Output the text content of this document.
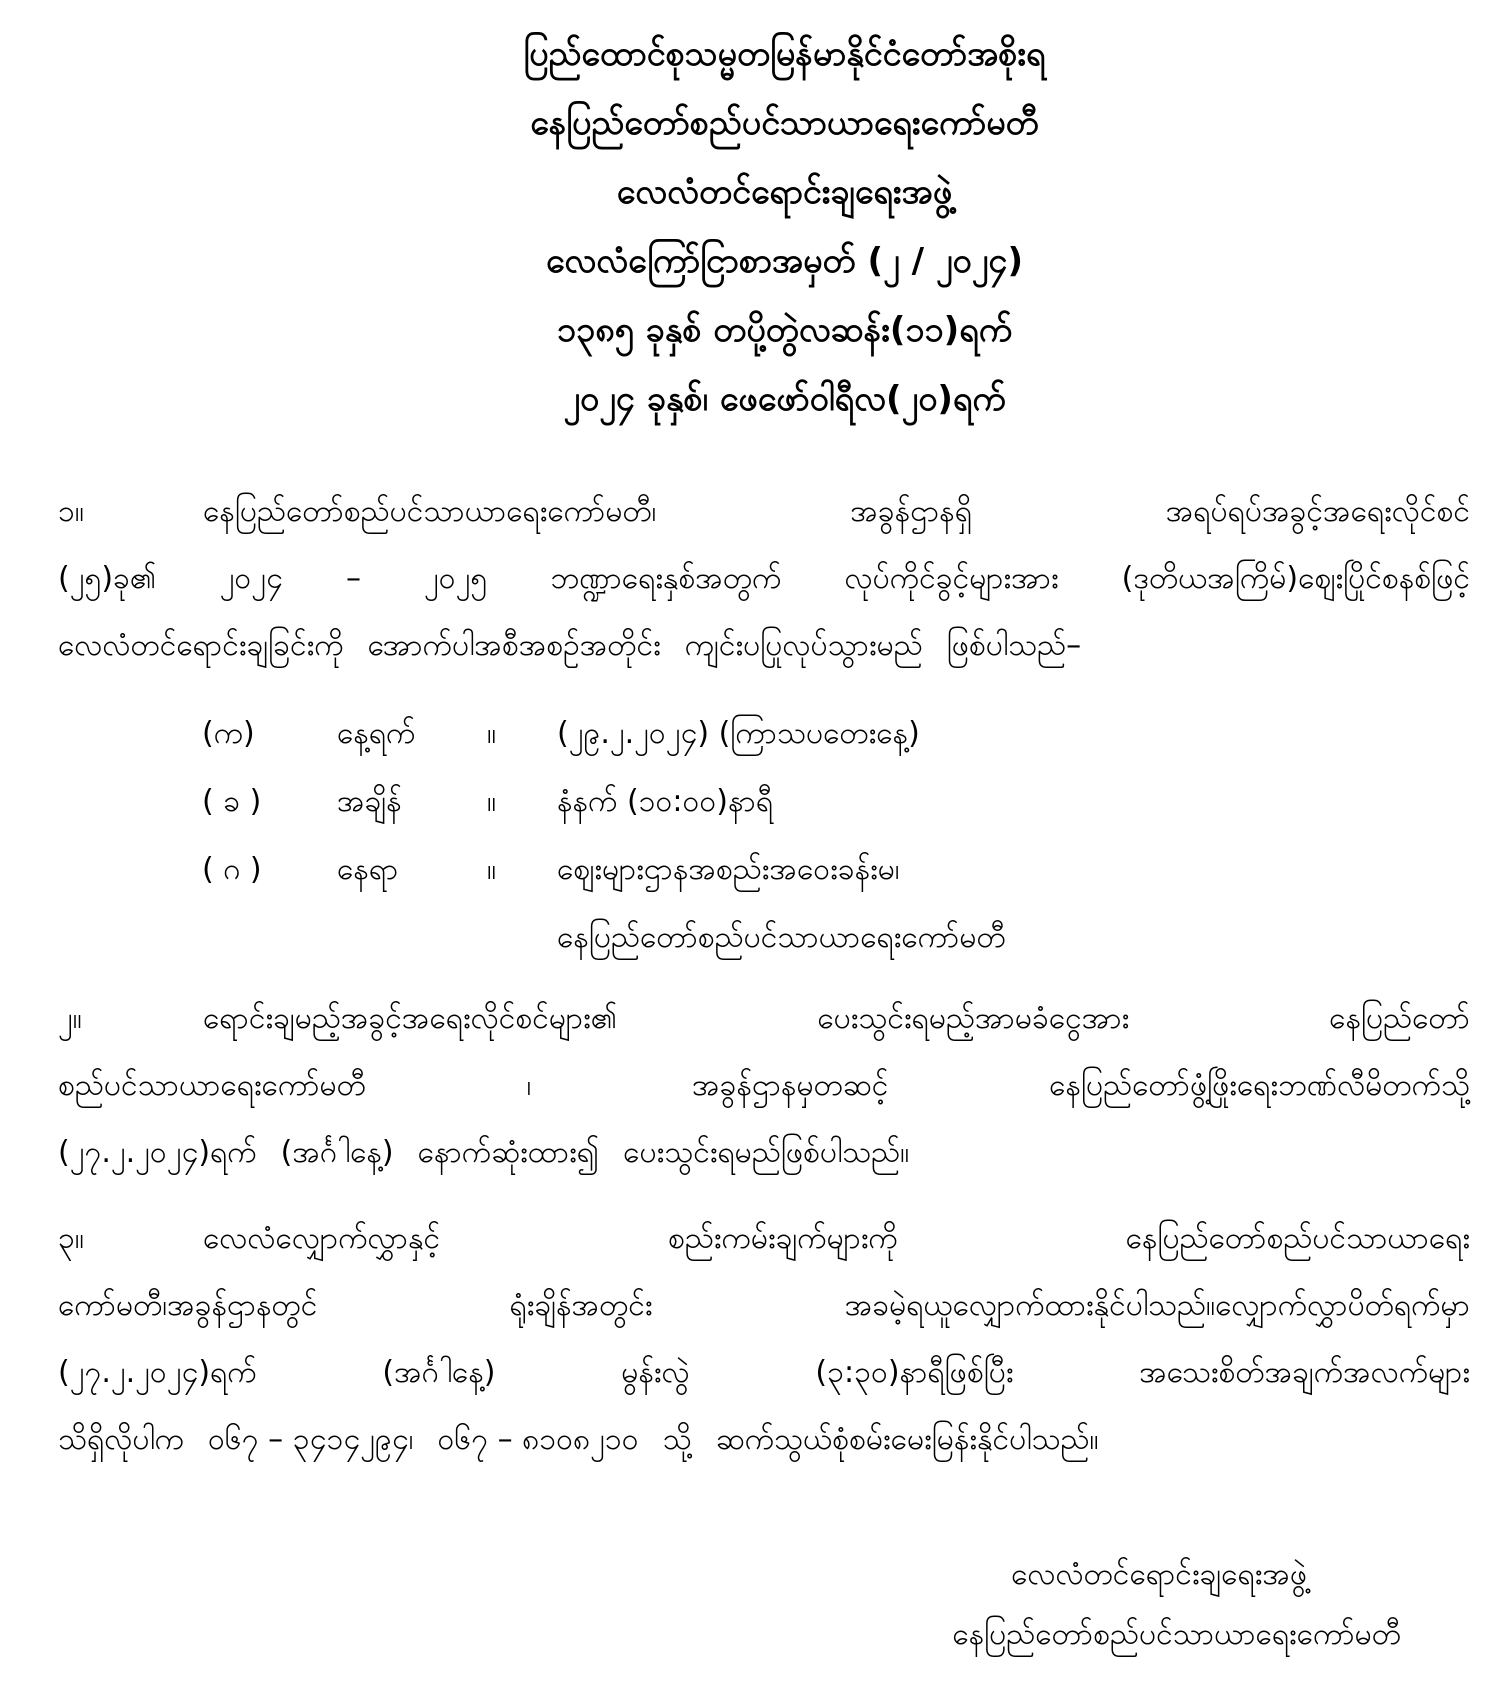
ပြည်ထောင်စုသမ္မတမြန်မာနိုင်ငံတော်အစိုးရ
နေပြည်တော်စည်ပင်သာယာရေးကော်မတီ
လေလံတင်ရောင်းချရေးအဖွဲ့
လေလံကြော်ငြာစာအမှတ် (၂ / ၂၀၂၄)
၁၃၈၅ ခုနှစ် တပို့တွဲလဆန်း(၁၁)ရက်
၂၀၂၄ ခုနှစ်၊ ဖေဖော်ဝါရီလ(၂၀)ရက်
၁။	နေပြည်တော်စည်ပင်သာယာရေးကော်မတီ၊	အခွန်ဌာနရှိ	အရပ်ရပ်အခွင့်အရေးလိုင်စင်
(၂၅)ခု၏ ၂၀၂၄ – ၂၀၂၅ ဘဏ္ဍာရေးနှစ်အတွက် လုပ်ကိုင်ခွင့်များအား (ဒုတိယအကြိမ်)ဈေးပြိုင်စနစ်ဖြင့်
လေလံတင်ရောင်းချခြင်းကို အောက်ပါအစီအစဉ်အတိုင်း ကျင်းပပြုလုပ်သွားမည် ဖြစ်ပါသည်–
(က)	နေ့ရက်	။	(၂၉.၂.၂၀၂၄) (ကြာသပတေးနေ့)
( ခ )	အချိန်	။	နံနက် (၁၀:၀၀)နာရီ
( ဂ )	နေရာ	။	ဈေးများဌာနအစည်းအဝေးခန်းမ၊
နေပြည်တော်စည်ပင်သာယာရေးကော်မတီ
၂။	ရောင်းချမည့်အခွင့်အရေးလိုင်စင်များ၏	ပေးသွင်းရမည့်အာမခံငွေအား	နေပြည်တော်
စည်ပင်သာယာရေးကော်မတီ	၊	အခွန်ဌာနမှတဆင့်	နေပြည်တော်ဖွံ့ဖြိုးရေးဘဏ်လီမိတက်သို့
(၂၇.၂.၂၀၂၄)ရက် (အင်္ဂါနေ့) နောက်ဆုံးထား၍ ပေးသွင်းရမည်ဖြစ်ပါသည်။
၃။	လေလံလျှောက်လွှာနှင့်	စည်းကမ်းချက်များကို	နေပြည်တော်စည်ပင်သာယာရေး
ကော်မတီ၊အခွန်ဌာနတွင်	ရုံးချိန်အတွင်း	အခမဲ့ရယူလျှောက်ထားနိုင်ပါသည်။လျှောက်လွှာပိတ်ရက်မှာ
(၂၇.၂.၂၀၂၄)ရက်	(အင်္ဂါနေ့)	မွန်းလွဲ	(၃:၃၀)နာရီဖြစ်ပြီး	အသေးစိတ်အချက်အလက်များ
သိရှိလိုပါက ၀၆၇ – ၃၄၁၄၂၉၄၊ ၀၆၇ – ၈၁၀၈၂၁၀ သို့ ဆက်သွယ်စုံစမ်းမေးမြန်းနိုင်ပါသည်။
လေလံတင်ရောင်းချရေးအဖွဲ့
နေပြည်တော်စည်ပင်သာယာရေးကော်မတီ
